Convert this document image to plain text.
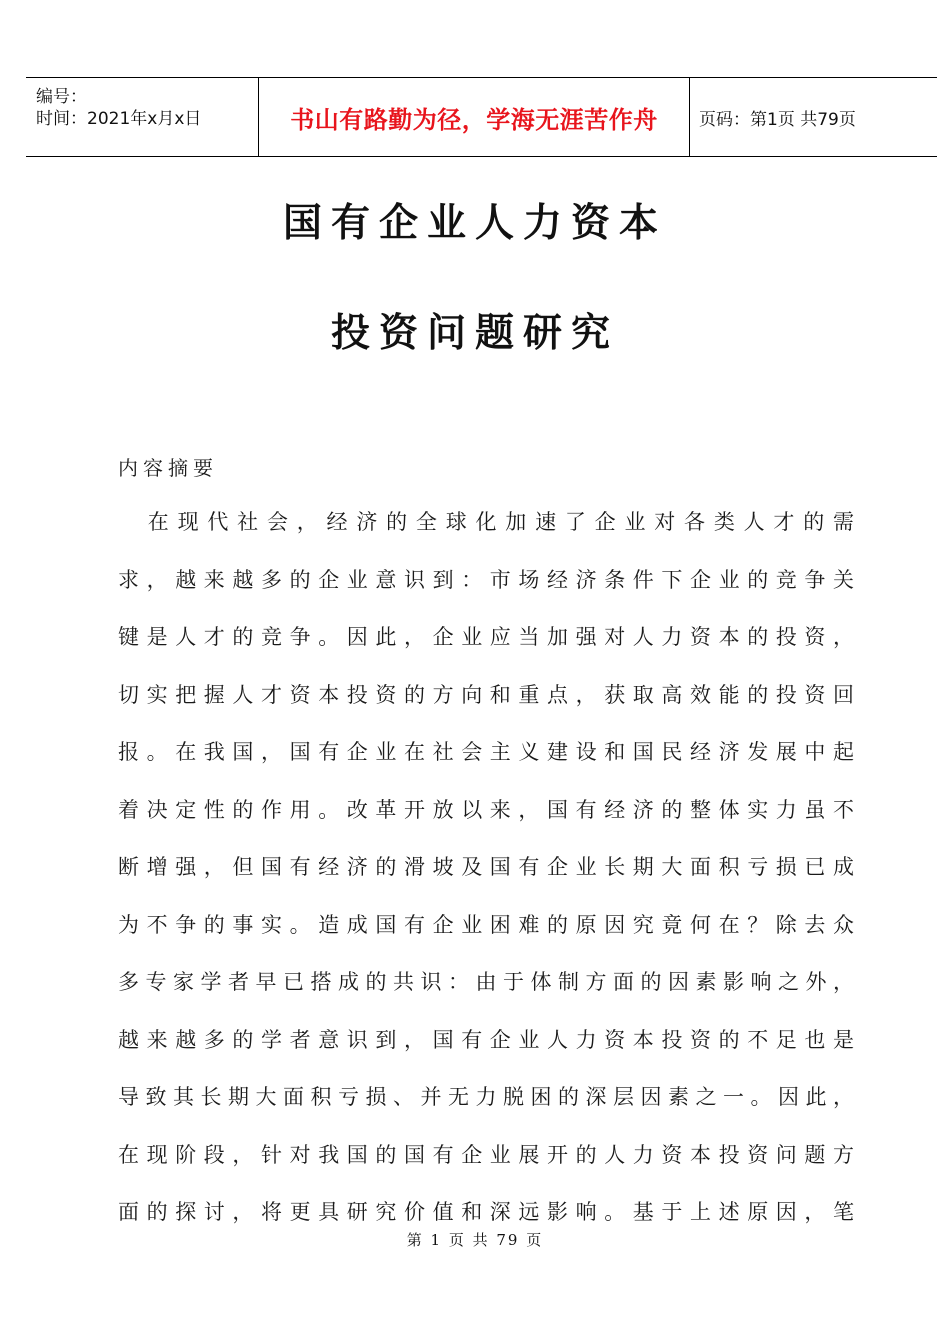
编号：
时间：2021年x月x日	书山有路勤为径，学海无涯苦作舟	页码：第1页 共79页
国有企业人力资本
投资问题研究
内容摘要
　在现代社会，经济的全球化加速了企业对各类人才的需
求，越来越多的企业意识到：市场经济条件下企业的竞争关
键是人才的竞争。因此，企业应当加强对人力资本的投资，
切实把握人才资本投资的方向和重点，获取高效能的投资回
报。在我国，国有企业在社会主义建设和国民经济发展中起
着决定性的作用。改革开放以来，国有经济的整体实力虽不
断增强，但国有经济的滑坡及国有企业长期大面积亏损已成
为不争的事实。造成国有企业困难的原因究竟何在？除去众
多专家学者早已搭成的共识：由于体制方面的因素影响之外，
越来越多的学者意识到，国有企业人力资本投资的不足也是
导致其长期大面积亏损、并无力脱困的深层因素之一。因此，
在现阶段，针对我国的国有企业展开的人力资本投资问题方
面的探讨，将更具研究价值和深远影响。基于上述原因，笔
第 1 页 共 79 页
